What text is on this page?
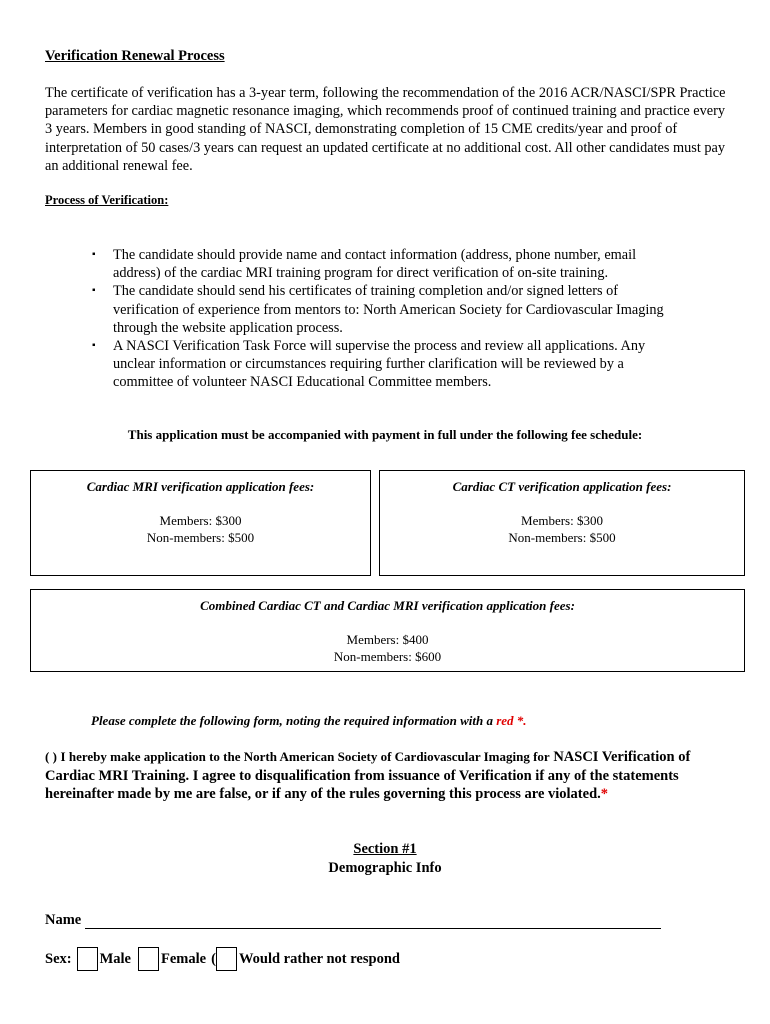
Verification Renewal Process
The certificate of verification has a 3-year term, following the recommendation of the 2016 ACR/NASCI/SPR Practice parameters for cardiac magnetic resonance imaging, which recommends proof of continued training and practice every 3 years. Members in good standing of NASCI, demonstrating completion of 15 CME credits/year and proof of interpretation of 50 cases/3 years can request an updated certificate at no additional cost. All other candidates must pay an additional renewal fee.
Process of Verification:
▪ The candidate should provide name and contact information (address, phone number, email address) of the cardiac MRI training program for direct verification of on-site training.
▪ The candidate should send his certificates of training completion and/or signed letters of verification of experience from mentors to: North American Society for Cardiovascular Imaging through the website application process.
▪ A NASCI Verification Task Force will supervise the process and review all applications. Any unclear information or circumstances requiring further clarification will be reviewed by a committee of volunteer NASCI Educational Committee members.
This application must be accompanied with payment in full under the following fee schedule:
Cardiac MRI verification application fees:
Members: $300
Non-members: $500
Cardiac CT verification application fees:
Members: $300
Non-members: $500
Combined Cardiac CT and Cardiac MRI verification application fees:
Members: $400
Non-members: $600
Please complete the following form, noting the required information with a red *.
( ) I hereby make application to the North American Society of Cardiovascular Imaging for NASCI Verification of Cardiac MRI Training. I agree to disqualification from issuance of Verification if any of the statements hereinafter made by me are false, or if any of the rules governing this process are violated.*
Section #1
Demographic Info
Name
Sex: Male Female ( Would rather not respond
